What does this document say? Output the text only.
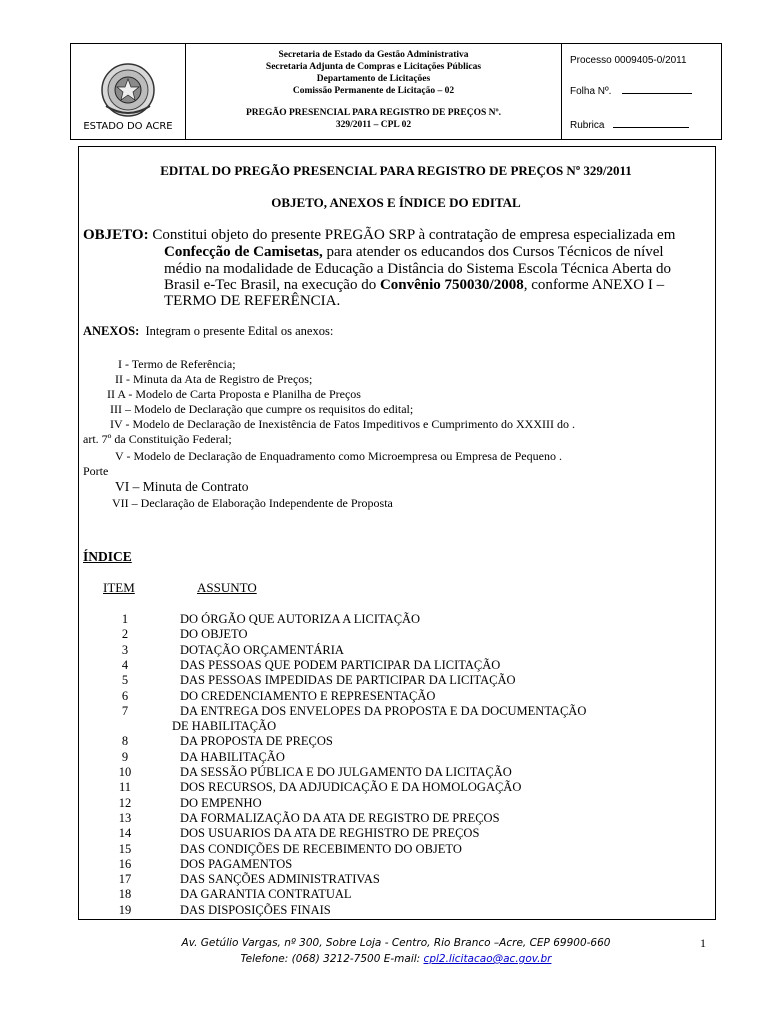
ESTADO DO ACRE
Secretaria de Estado da Gestão Administrativa
Secretaria Adjunta de Compras e Licitações Públicas
Departamento de Licitações
Comissão Permanente de Licitação – 02
PREGÃO PRESENCIAL PARA REGISTRO DE PREÇOS Nº.
329/2011 – CPL 02
Processo 0009405-0/2011
Folha Nº.
Rubrica
EDITAL DO PREGÃO PRESENCIAL PARA REGISTRO DE PREÇOS Nº 329/2011
OBJETO, ANEXOS E ÍNDICE DO EDITAL
OBJETO: Constitui objeto do presente PREGÃO SRP à contratação de empresa especializada em
Confecção de Camisetas, para atender os educandos dos Cursos Técnicos de nível
médio na modalidade de Educação a Distância do Sistema Escola Técnica Aberta do
Brasil e-Tec Brasil, na execução do Convênio 750030/2008, conforme ANEXO I –
TERMO DE REFERÊNCIA.
ANEXOS: Integram o presente Edital os anexos:
I - Termo de Referência;
II - Minuta da Ata de Registro de Preços;
II A - Modelo de Carta Proposta e Planilha de Preços
III – Modelo de Declaração que cumpre os requisitos do edital;
IV - Modelo de Declaração de Inexistência de Fatos Impeditivos e Cumprimento do XXXIII do .
art. 7º da Constituição Federal;
V - Modelo de Declaração de Enquadramento como Microempresa ou Empresa de Pequeno .
Porte
VI – Minuta de Contrato
VII – Declaração de Elaboração Independente de Proposta
ÍNDICE
ITEM	ASSUNTO
1	DO ÓRGÃO QUE AUTORIZA A LICITAÇÃO
2	DO OBJETO
3	DOTAÇÃO ORÇAMENTÁRIA
4	DAS PESSOAS QUE PODEM PARTICIPAR DA LICITAÇÃO
5	DAS PESSOAS IMPEDIDAS DE PARTICIPAR DA LICITAÇÃO
6	DO CREDENCIAMENTO E REPRESENTAÇÃO
7	DA ENTREGA DOS ENVELOPES DA PROPOSTA E DA DOCUMENTAÇÃO
DE HABILITAÇÃO
8	DA PROPOSTA DE PREÇOS
9	DA HABILITAÇÃO
10	DA SESSÃO PÚBLICA E DO JULGAMENTO DA LICITAÇÃO
11	DOS RECURSOS, DA ADJUDICAÇÃO E DA HOMOLOGAÇÃO
12	DO EMPENHO
13	DA FORMALIZAÇÃO DA ATA DE REGISTRO DE PREÇOS
14	DOS USUARIOS DA ATA DE REGHISTRO DE PREÇOS
15	DAS CONDIÇÕES DE RECEBIMENTO DO OBJETO
16	DOS PAGAMENTOS
17	DAS SANÇÕES ADMINISTRATIVAS
18	DA GARANTIA CONTRATUAL
19	DAS DISPOSIÇÕES FINAIS
Av. Getúlio Vargas, nº 300, Sobre Loja - Centro, Rio Branco –Acre, CEP 69900-660
Telefone: (068) 3212-7500 E-mail: cpl2.licitacao@ac.gov.br
1
